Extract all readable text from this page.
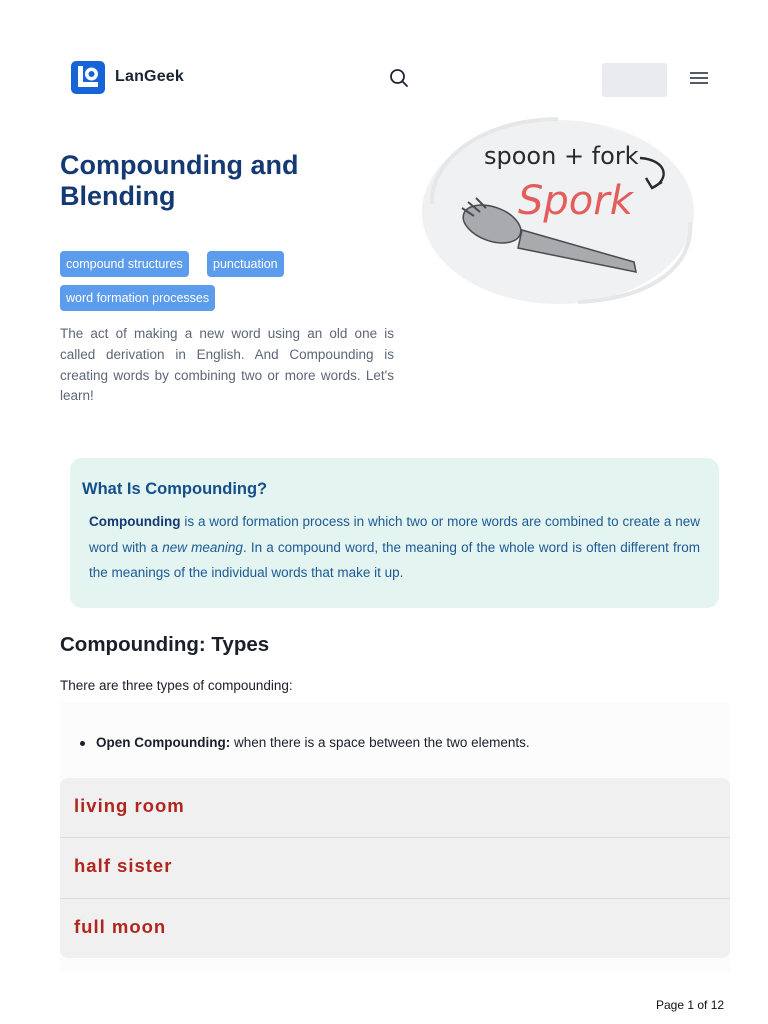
LanGeek
Compounding and Blending
compound structures	punctuation
word formation processes

The act of making a new word using an old one is called derivation in English. And Compounding is creating words by combining two or more words. Let's learn!

spoon + fork
Spork
What Is Compounding?

Compounding is a word formation process in which two or more words are combined to create a new word with a new meaning. In a compound word, the meaning of the whole word is often different from the meanings of the individual words that make it up.

Compounding: Types

There are three types of compounding:

Open Compounding: when there is a space between the two elements.

living room
half sister
full moon
Page 1 of 12
